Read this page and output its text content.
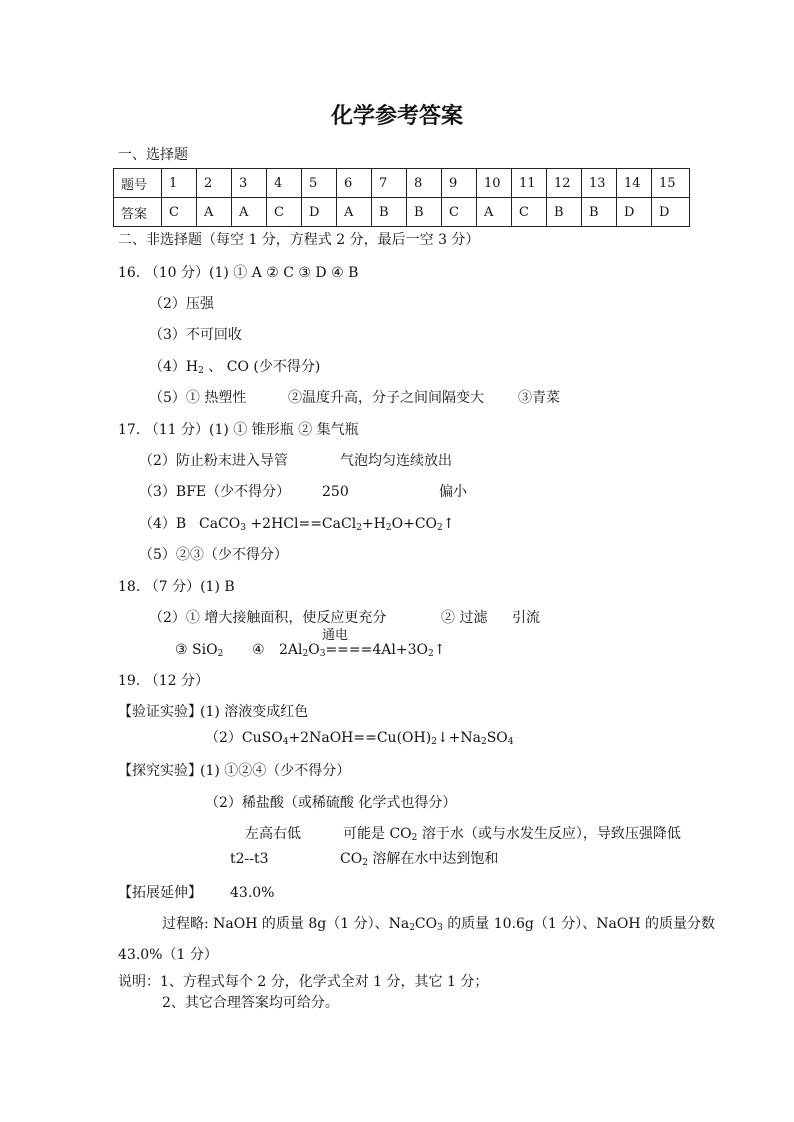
化学参考答案
一、选择题
题号	1	2	3	4	5	6	7	8	9	10	11	12	13	14	15
答案	C	A	A	C	D	A	B	B	C	A	C	B	B	D	D
二、非选择题（每空 1 分，方程式 2 分，最后一空 3 分）
16. （10 分）(1) ① A ② C ③ D ④ B
（2）压强
（3）不可回收
$(4)H_2$ 、 CO (少不得分)
（5）① 热塑性	②温度升高，分子之间间隔变大 ③青菜
17. （11 分）(1) ① 锥形瓶 ② 集气瓶
（2）防止粉末进入导管	气泡均匀连续放出
（3）BFE（少不得分） 250	偏小
（4）B CaCO$_3$ $+2HCl==CaCl_2+H_2O+CO_2↑$
（5）②③（少不得分）
18. （7 分）(1) B
（2）① 增大接触面积，使反应更充分	② 过滤 引流
③ SiO$_2$ ④
通电
$2Al_2O_3====4Al+3O_2↑$
19. （12 分）
【验证实验】
(1) 溶液变成红色
$(2)CuSO_4+2NaOH==Cu(OH)_2↓+Na_2SO_4$
【探究实验】
(1) ①②④（少不得分）
（2）稀盐酸（或稀硫酸 化学式也得分）
左高右低	可能是 $CO_2$ 溶于水（或与水发生反应），导致压强降低
t2--t3	$CO_2$ 溶解在水中达到饱和
【拓展延伸】 43.0%
过程略: NaOH 的质量 8g（1 分）、$Na_2CO_3$ 的质量 10.6g（1 分）、NaOH 的质量分数
43.0%（1 分）
说明：1、方程式每个 2 分，化学式全对 1 分，其它 1 分；
2、其它合理答案均可给分。
